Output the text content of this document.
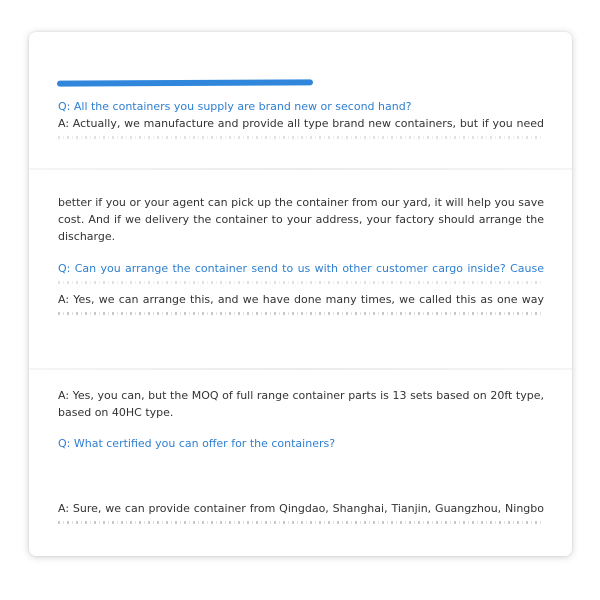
Q: All the containers you supply are brand new or second hand?
A: Actually, we manufacture and provide all type brand new containers, but if you need
better if you or your agent can pick up the container from our yard, it will help you save
cost. And if we delivery the container to your address, your factory should arrange the
discharge.
Q: Can you arrange the container send to us with other customer cargo inside? Cause
A: Yes, we can arrange this, and we have done many times, we called this as one way
A: Yes, you can, but the MOQ of full range container parts is 13 sets based on 20ft type,
based on 40HC type.
Q: What certified you can offer for the containers?
A: Sure, we can provide container from Qingdao, Shanghai, Tianjin, Guangzhou, Ningbo
